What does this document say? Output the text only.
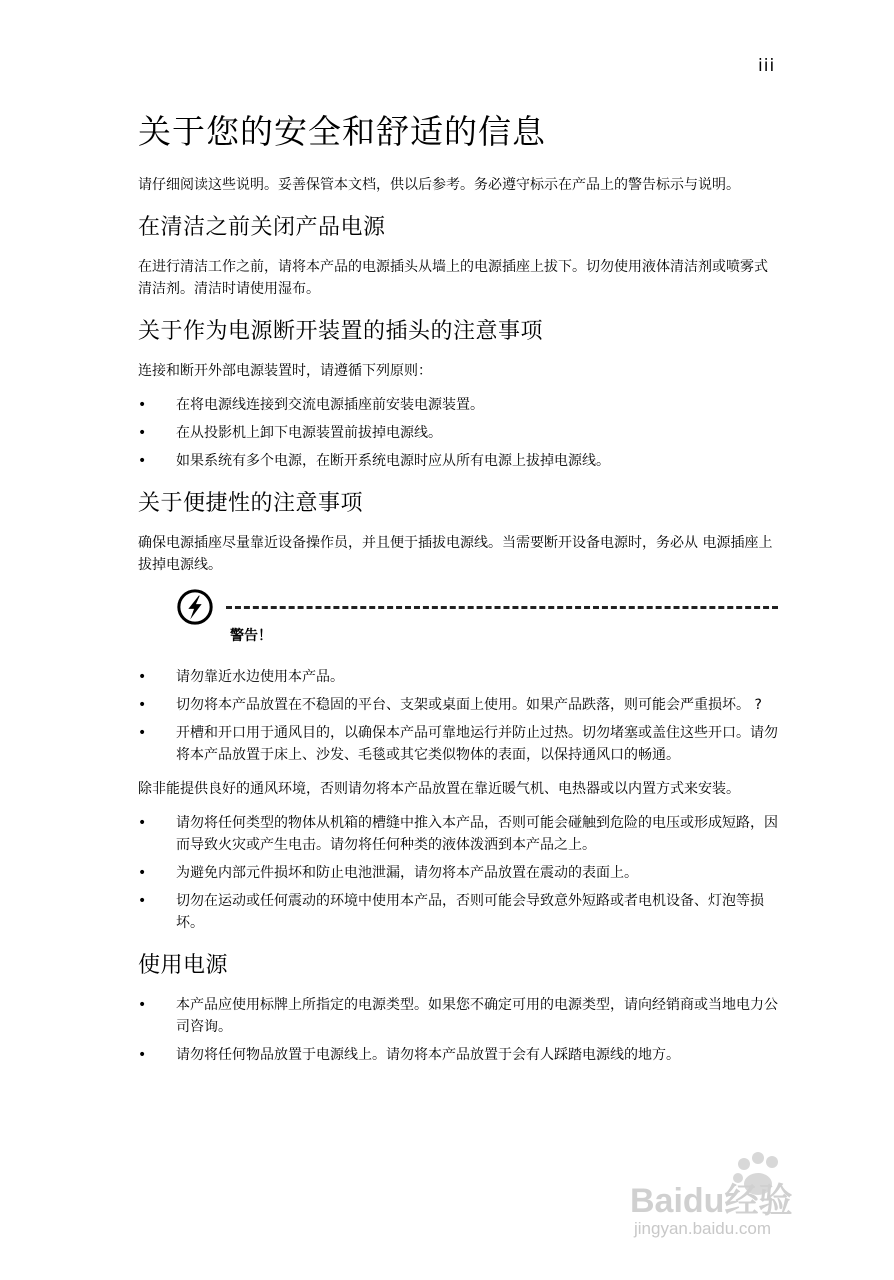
iii
关于您的安全和舒适的信息

请仔细阅读这些说明。妥善保管本文档，供以后参考。务必遵守标示在产品上的警告标示与说明。

在清洁之前关闭产品电源

在进行清洁工作之前，请将本产品的电源插头从墙上的电源插座上拔下。切勿使用液体清洁剂或喷雾式清洁剂。清洁时请使用湿布。

关于作为电源断开装置的插头的注意事项

连接和断开外部电源装置时，请遵循下列原则：

• 在将电源线连接到交流电源插座前安装电源装置。
• 在从投影机上卸下电源装置前拔掉电源线。
• 如果系统有多个电源，在断开系统电源时应从所有电源上拔掉电源线。
关于便捷性的注意事项

确保电源插座尽量靠近设备操作员，并且便于插拔电源线。当需要断开设备电源时，务必从 电源插座上拔掉电源线。

警告！
• 请勿靠近水边使用本产品。
• 切勿将本产品放置在不稳固的平台、支架或桌面上使用。如果产品跌落，则可能会严重损坏。 ?
• 开槽和开口用于通风目的，以确保本产品可靠地运行并防止过热。切勿堵塞或盖住这些开口。请勿将本产品放置于床上、沙发、毛毯或其它类似物体的表面，以保持通风口的畅通。

除非能提供良好的通风环境，否则请勿将本产品放置在靠近暖气机、电热器或以内置方式来安装。

• 请勿将任何类型的物体从机箱的槽缝中推入本产品，否则可能会碰触到危险的电压或形成短路，因而导致火灾或产生电击。请勿将任何种类的液体泼洒到本产品之上。
• 为避免内部元件损坏和防止电池泄漏，请勿将本产品放置在震动的表面上。
• 切勿在运动或任何震动的环境中使用本产品，否则可能会导致意外短路或者电机设备、灯泡等损坏。
使用电源
• 本产品应使用标牌上所指定的电源类型。如果您不确定可用的电源类型，请向经销商或当地电力公司咨询。
• 请勿将任何物品放置于电源线上。请勿将本产品放置于会有人踩踏电源线的地方。
Baidu经验
jingyan.baidu.com
